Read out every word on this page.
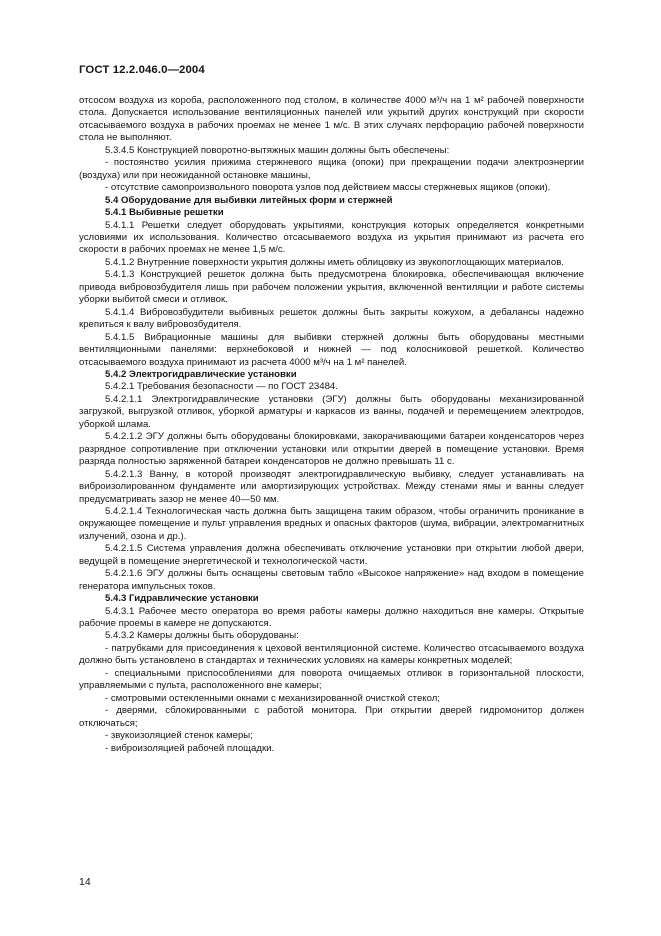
ГОСТ 12.2.046.0—2004

отсосом воздуха из короба, расположенного под столом, в количестве 4000 м³/ч на 1 м² рабочей поверхности стола. Допускается использование вентиляционных панелей или укрытий других конструкций при скорости отсасываемого воздуха в рабочих проемах не менее 1 м/с. В этих случаях перфорацию рабочей поверхности стола не выполняют.

5.3.4.5 Конструкцией поворотно-вытяжных машин должны быть обеспечены:

- постоянство усилия прижима стержневого ящика (опоки) при прекращении подачи электроэнергии (воздуха) или при неожиданной остановке машины,

- отсутствие самопроизвольного поворота узлов под действием массы стержневых ящиков (опоки).

5.4 Оборудование для выбивки литейных форм и стержней

5.4.1 Выбивные решетки

5.4.1.1 Решетки следует оборудовать укрытиями, конструкция которых определяется конкретными условиями их использования. Количество отсасываемого воздуха из укрытия принимают из расчета его скорости в рабочих проемах не менее 1,5 м/с.

5.4.1.2 Внутренние поверхности укрытия должны иметь облицовку из звукопоглощающих материалов.

5.4.1.3 Конструкцией решеток должна быть предусмотрена блокировка, обеспечивающая включение привода вибровозбудителя лишь при рабочем положении укрытия, включенной вентиляции и работе системы уборки выбитой смеси и отливок.

5.4.1.4 Вибровозбудители выбивных решеток должны быть закрыты кожухом, а дебалансы надежно крепиться к валу вибровозбудителя.

5.4.1.5 Вибрационные машины для выбивки стержней должны быть оборудованы местными вентиляционными панелями: верхнебоковой и нижней — под колосниковой решеткой. Количество отсасываемого воздуха принимают из расчета 4000 м³/ч на 1 м² панелей.

5.4.2 Электрогидравлические установки

5.4.2.1 Требования безопасности — по ГОСТ 23484.

5.4.2.1.1 Электрогидравлические установки (ЭГУ) должны быть оборудованы механизированной загрузкой, выгрузкой отливок, уборкой арматуры и каркасов из ванны, подачей и перемещением электродов, уборкой шлама.

5.4.2.1.2 ЭГУ должны быть оборудованы блокировками, закорачивающими батареи конденсаторов через разрядное сопротивление при отключении установки или открытии дверей в помещение установки. Время разряда полностью заряженной батареи конденсаторов не должно превышать 11 с.

5.4.2.1.3 Ванну, в которой производят электрогидравлическую выбивку, следует устанавливать на виброизолированном фундаменте или амортизирующих устройствах. Между стенами ямы и ванны следует предусматривать зазор не менее 40—50 мм.

5.4.2.1.4 Технологическая часть должна быть защищена таким образом, чтобы ограничить проникание в окружающее помещение и пульт управления вредных и опасных факторов (шума, вибрации, электромагнитных излучений, озона и др.).

5.4.2.1.5 Система управления должна обеспечивать отключение установки при открытии любой двери, ведущей в помещение энергетической и технологической части.

5.4.2.1.6 ЭГУ должны быть оснащены световым табло «Высокое напряжение» над входом в помещение генератора импульсных токов.

5.4.3 Гидравлические установки

5.4.3.1 Рабочее место оператора во время работы камеры должно находиться вне камеры. Открытые рабочие проемы в камере не допускаются.

5.4.3.2 Камеры должны быть оборудованы:

- патрубками для присоединения к цеховой вентиляционной системе. Количество отсасываемого воздуха должно быть установлено в стандартах и технических условиях на камеры конкретных моделей;

- специальными приспособлениями для поворота очищаемых отливок в горизонтальной плоскости, управляемыми с пульта, расположенного вне камеры;

- смотровыми остекленными окнами с механизированной очисткой стекол;

- дверями, сблокированными с работой монитора. При открытии дверей гидромонитор должен отключаться;

- звукоизоляцией стенок камеры;

- виброизоляцией рабочей площадки.

14
